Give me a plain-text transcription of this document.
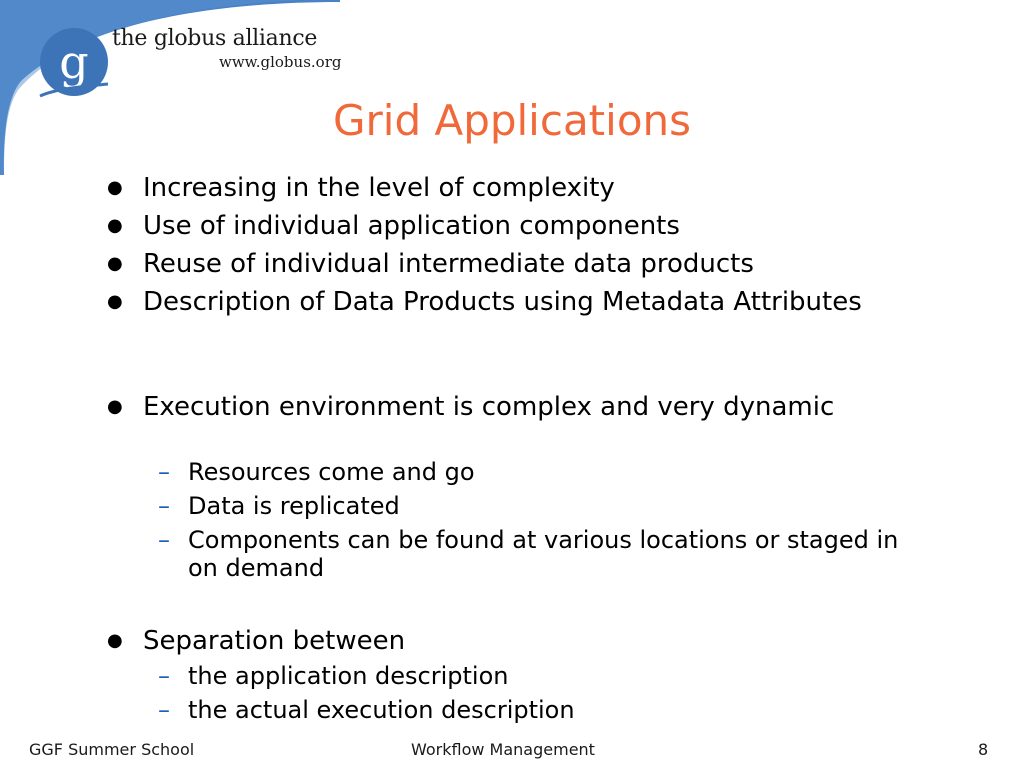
g the globus alliance
www.globus.org
Grid Applications
● Increasing in the level of complexity
● Use of individual application components
● Reuse of individual intermediate data products
● Description of Data Products using Metadata Attributes
● Execution environment is complex and very dynamic
– Resources come and go
– Data is replicated
– Components can be found at various locations or staged in on demand
● Separation between
– the application description
– the actual execution description
GGF Summer School	Workflow Management	8
